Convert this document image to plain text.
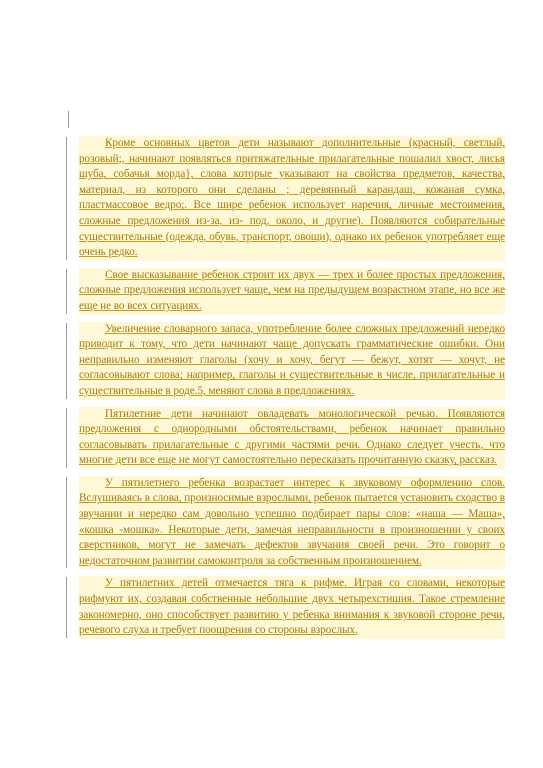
Кроме основных цветов дети называют дополнительные (красный, светлый, розовый;, начинают появляться притяжательные прилагательные пошалил хвост, лисья шуба, собачья морда}, слова которые указывают на свойства предметов, качества, материал, из которого они сделаны ; деревянный карандаш, кожаная сумка, пластмассовое ведро;. Все шире ребенок использует наречия, личные местоимения, сложные предложения из-за, из- под, около, и другие). Появляются собирательные существительные (одежда, обувь, транспорт, овощи), однако их ребенок употребляет еще очень редко.

Свое высказывание ребенок строит их двух — трех и более простых предложения, сложные предложения использует чаще, чем на предыдущем возрастном этапе, но все же еще не во всех ситуациях.

Увеличение словарного запаса, употребление более сложных предложений нередко приводит к тому, что дети начинают чаще допускать грамматические ошибки. Они неправильно изменяют глаголы (хочу и хочу, бегут — бежут, хотят — хочут, не согласовывают слова; например, глаголы и существительные в числе, прилагательные и существительные в роде.5, меняют слова в предложениях.

Пятилетние дети начинают овладевать монологической речью. Появляются предложения с однородными обстоятельствами, ребенок начинает правильно согласовывать прилагательные с другими частями речи. Однако следует учесть, что многие дети все еще не могут самостоятельно пересказать прочитанную сказку, рассказ.

У пятилетнего ребенка возрастает интерес к звуковому оформлению слов. Вслушиваясь в слова, произносимые взрослыми, ребенок пытается установить сходство в звучании и нередко сам довольно успешно подбирает пары слов: «наша — Маша», «кошка -мошка». Некоторые дети, замечая неправильности в произношении у своих сверстников, могут не замечать дефектов звучания своей речи. Это говорит о недостаточном развитии самоконтроля за собственным произношением.

У пятилетних детей отмечается тяга к рифме. Играя со словами, некоторые рифмуют их, создавая собственные небольшие двух четырехстишия. Такое стремление закономерно, оно способствует развитию у ребенка внимания к звуковой стороне речи, речевого слуха и требует поощрения со стороны взрослых.
